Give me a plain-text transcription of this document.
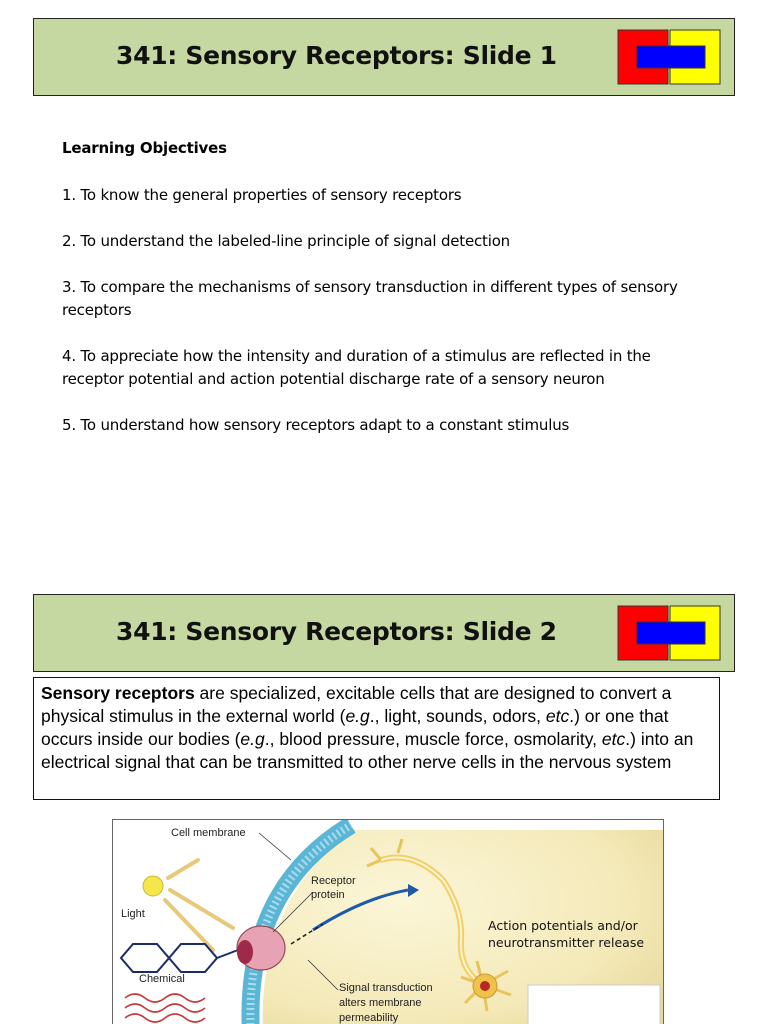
341: Sensory Receptors: Slide 1
Learning Objectives
1. To know the general properties of sensory receptors
2. To understand the labeled-line principle of signal detection
3. To compare the mechanisms of sensory transduction in different types of sensory receptors
4. To appreciate how the intensity and duration of a stimulus are reflected in the receptor potential and action potential discharge rate of a sensory neuron
5. To understand how sensory receptors adapt to a constant stimulus
341: Sensory Receptors: Slide 2
Sensory receptors are specialized, excitable cells that are designed to convert a physical stimulus in the external world (e.g., light, sounds, odors, etc.) or one that occurs inside our bodies (e.g., blood pressure, muscle force, osmolarity, etc.) into an electrical signal that can be transmitted to other nerve cells in the nervous system
Cell membrane
Receptor
protein
Light
Chemical
Signal transduction
alters membrane
permeability
Action potentials and/or
neurotransmitter release
